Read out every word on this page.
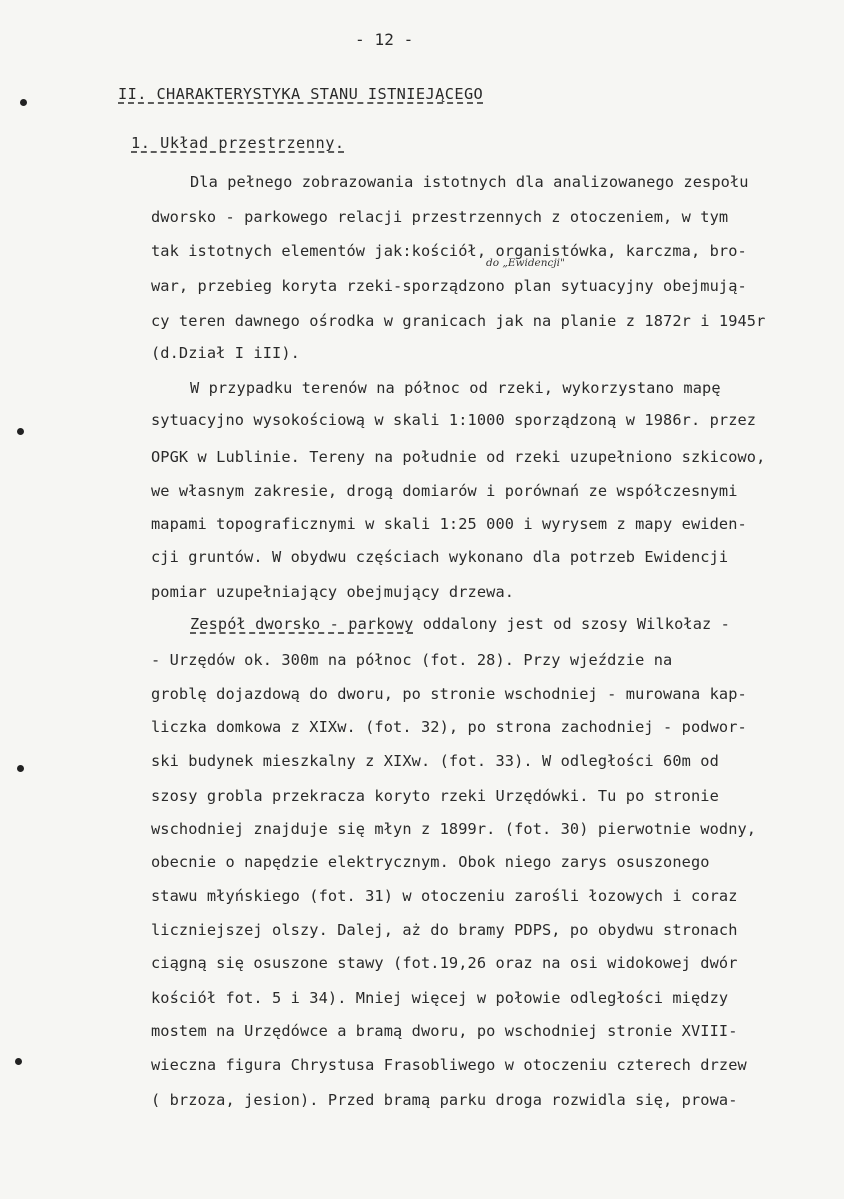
- 12 -
II. CHARAKTERYSTYKA STANU ISTNIEJĄCEGO
1. Układ przestrzenny.
do „Ewidencji"
Dla pełnego zobrazowania istotnych dla analizowanego zespołu
dworsko - parkowego relacji przestrzennych z otoczeniem, w tym
tak istotnych elementów jak:kościół, organistówka, karczma, bro-
war, przebieg koryta rzeki-sporządzono plan sytuacyjny obejmują-
cy teren dawnego ośrodka w granicach jak na planie z 1872r i 1945r
(d.Dział I iII).
W przypadku terenów na północ od rzeki, wykorzystano mapę
sytuacyjno wysokościową w skali 1:1000 sporządzoną w 1986r. przez
OPGK w Lublinie. Tereny na południe od rzeki uzupełniono szkicowo,
we własnym zakresie, drogą domiarów i porównań ze współczesnymi
mapami topograficznymi w skali 1:25 000 i wyrysem z mapy ewiden-
cji gruntów. W obydwu częściach wykonano dla potrzeb Ewidencji
pomiar uzupełniający obejmujący drzewa.
Zespół dworsko - parkowy oddalony jest od szosy Wilkołaz -
- Urzędów ok. 300m na północ (fot. 28). Przy wjeździe na
groblę dojazdową do dworu, po stronie wschodniej - murowana kap-
liczka domkowa z XIXw. (fot. 32), po strona zachodniej - podwor-
ski budynek mieszkalny z XIXw. (fot. 33). W odległości 60m od
szosy grobla przekracza koryto rzeki Urzędówki. Tu po stronie
wschodniej znajduje się młyn z 1899r. (fot. 30) pierwotnie wodny,
obecnie o napędzie elektrycznym. Obok niego zarys osuszonego
stawu młyńskiego (fot. 31) w otoczeniu zarośli łozowych i coraz
liczniejszej olszy. Dalej, aż do bramy PDPS, po obydwu stronach
ciągną się osuszone stawy (fot.19,26 oraz na osi widokowej dwór
kościół fot. 5 i 34). Mniej więcej w połowie odległości między
mostem na Urzędówce a bramą dworu, po wschodniej stronie XVIII-
wieczna figura Chrystusa Frasobliwego w otoczeniu czterech drzew
( brzoza, jesion). Przed bramą parku droga rozwidla się, prowa-
